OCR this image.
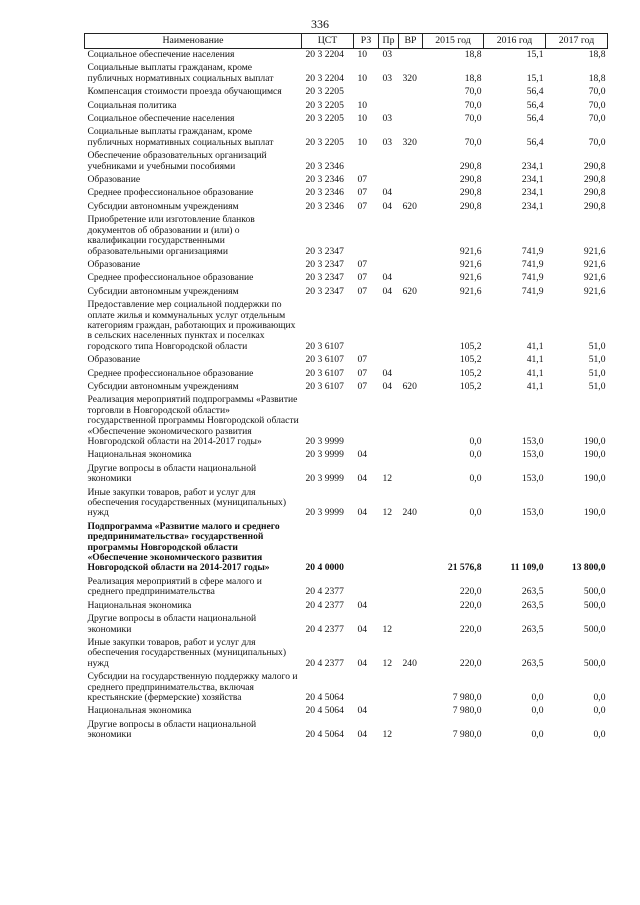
336
Наименование	ЦСТ	РЗ	Пр	ВР	2015 год	2016 год	2017 год
Социальное обеспечение населения	20 3 2204	10	03		18,8	15,1	18,8
Социальные выплаты гражданам, кроме публичных нормативных социальных выплат	20 3 2204	10	03	320	18,8	15,1	18,8
Компенсация стоимости проезда обучающимся	20 3 2205				70,0	56,4	70,0
Социальная политика	20 3 2205	10			70,0	56,4	70,0
Социальное обеспечение населения	20 3 2205	10	03		70,0	56,4	70,0
Социальные выплаты гражданам, кроме публичных нормативных социальных выплат	20 3 2205	10	03	320	70,0	56,4	70,0
Обеспечение образовательных организаций учебниками и учебными пособиями	20 3 2346				290,8	234,1	290,8
Образование	20 3 2346	07			290,8	234,1	290,8
Среднее профессиональное образование	20 3 2346	07	04		290,8	234,1	290,8
Субсидии автономным учреждениям	20 3 2346	07	04	620	290,8	234,1	290,8
Приобретение или изготовление бланков документов об образовании и (или) о квалификации государственными образовательными организациями	20 3 2347				921,6	741,9	921,6
Образование	20 3 2347	07			921,6	741,9	921,6
Среднее профессиональное образование	20 3 2347	07	04		921,6	741,9	921,6
Субсидии автономным учреждениям	20 3 2347	07	04	620	921,6	741,9	921,6
Предоставление мер социальной поддержки по оплате жилья и коммунальных услуг отдельным категориям граждан, работающих и проживающих в сельских населенных пунктах и поселках городского типа Новгородской области	20 3 6107				105,2	41,1	51,0
Образование	20 3 6107	07			105,2	41,1	51,0
Среднее профессиональное образование	20 3 6107	07	04		105,2	41,1	51,0
Субсидии автономным учреждениям	20 3 6107	07	04	620	105,2	41,1	51,0
Реализация мероприятий подпрограммы «Развитие торговли в Новгородской области» государственной программы Новгородской области «Обеспечение экономического развития Новгородской области на 2014-2017 годы»	20 3 9999				0,0	153,0	190,0
Национальная экономика	20 3 9999	04			0,0	153,0	190,0
Другие вопросы в области национальной экономики	20 3 9999	04	12		0,0	153,0	190,0
Иные закупки товаров, работ и услуг для обеспечения государственных (муниципальных) нужд	20 3 9999	04	12	240	0,0	153,0	190,0
Подпрограмма «Развитие малого и среднего предпринимательства» государственной программы Новгородской области «Обеспечение экономического развития Новгородской области на 2014-2017 годы»	20 4 0000				21 576,8	11 109,0	13 800,0
Реализация мероприятий в сфере малого и среднего предпринимательства	20 4 2377				220,0	263,5	500,0
Национальная экономика	20 4 2377	04			220,0	263,5	500,0
Другие вопросы в области национальной экономики	20 4 2377	04	12		220,0	263,5	500,0
Иные закупки товаров, работ и услуг для обеспечения государственных (муниципальных) нужд	20 4 2377	04	12	240	220,0	263,5	500,0
Субсидии на государственную поддержку малого и среднего предпринимательства, включая крестьянские (фермерские) хозяйства	20 4 5064				7 980,0	0,0	0,0
Национальная экономика	20 4 5064	04			7 980,0	0,0	0,0
Другие вопросы в области национальной экономики	20 4 5064	04	12		7 980,0	0,0	0,0
